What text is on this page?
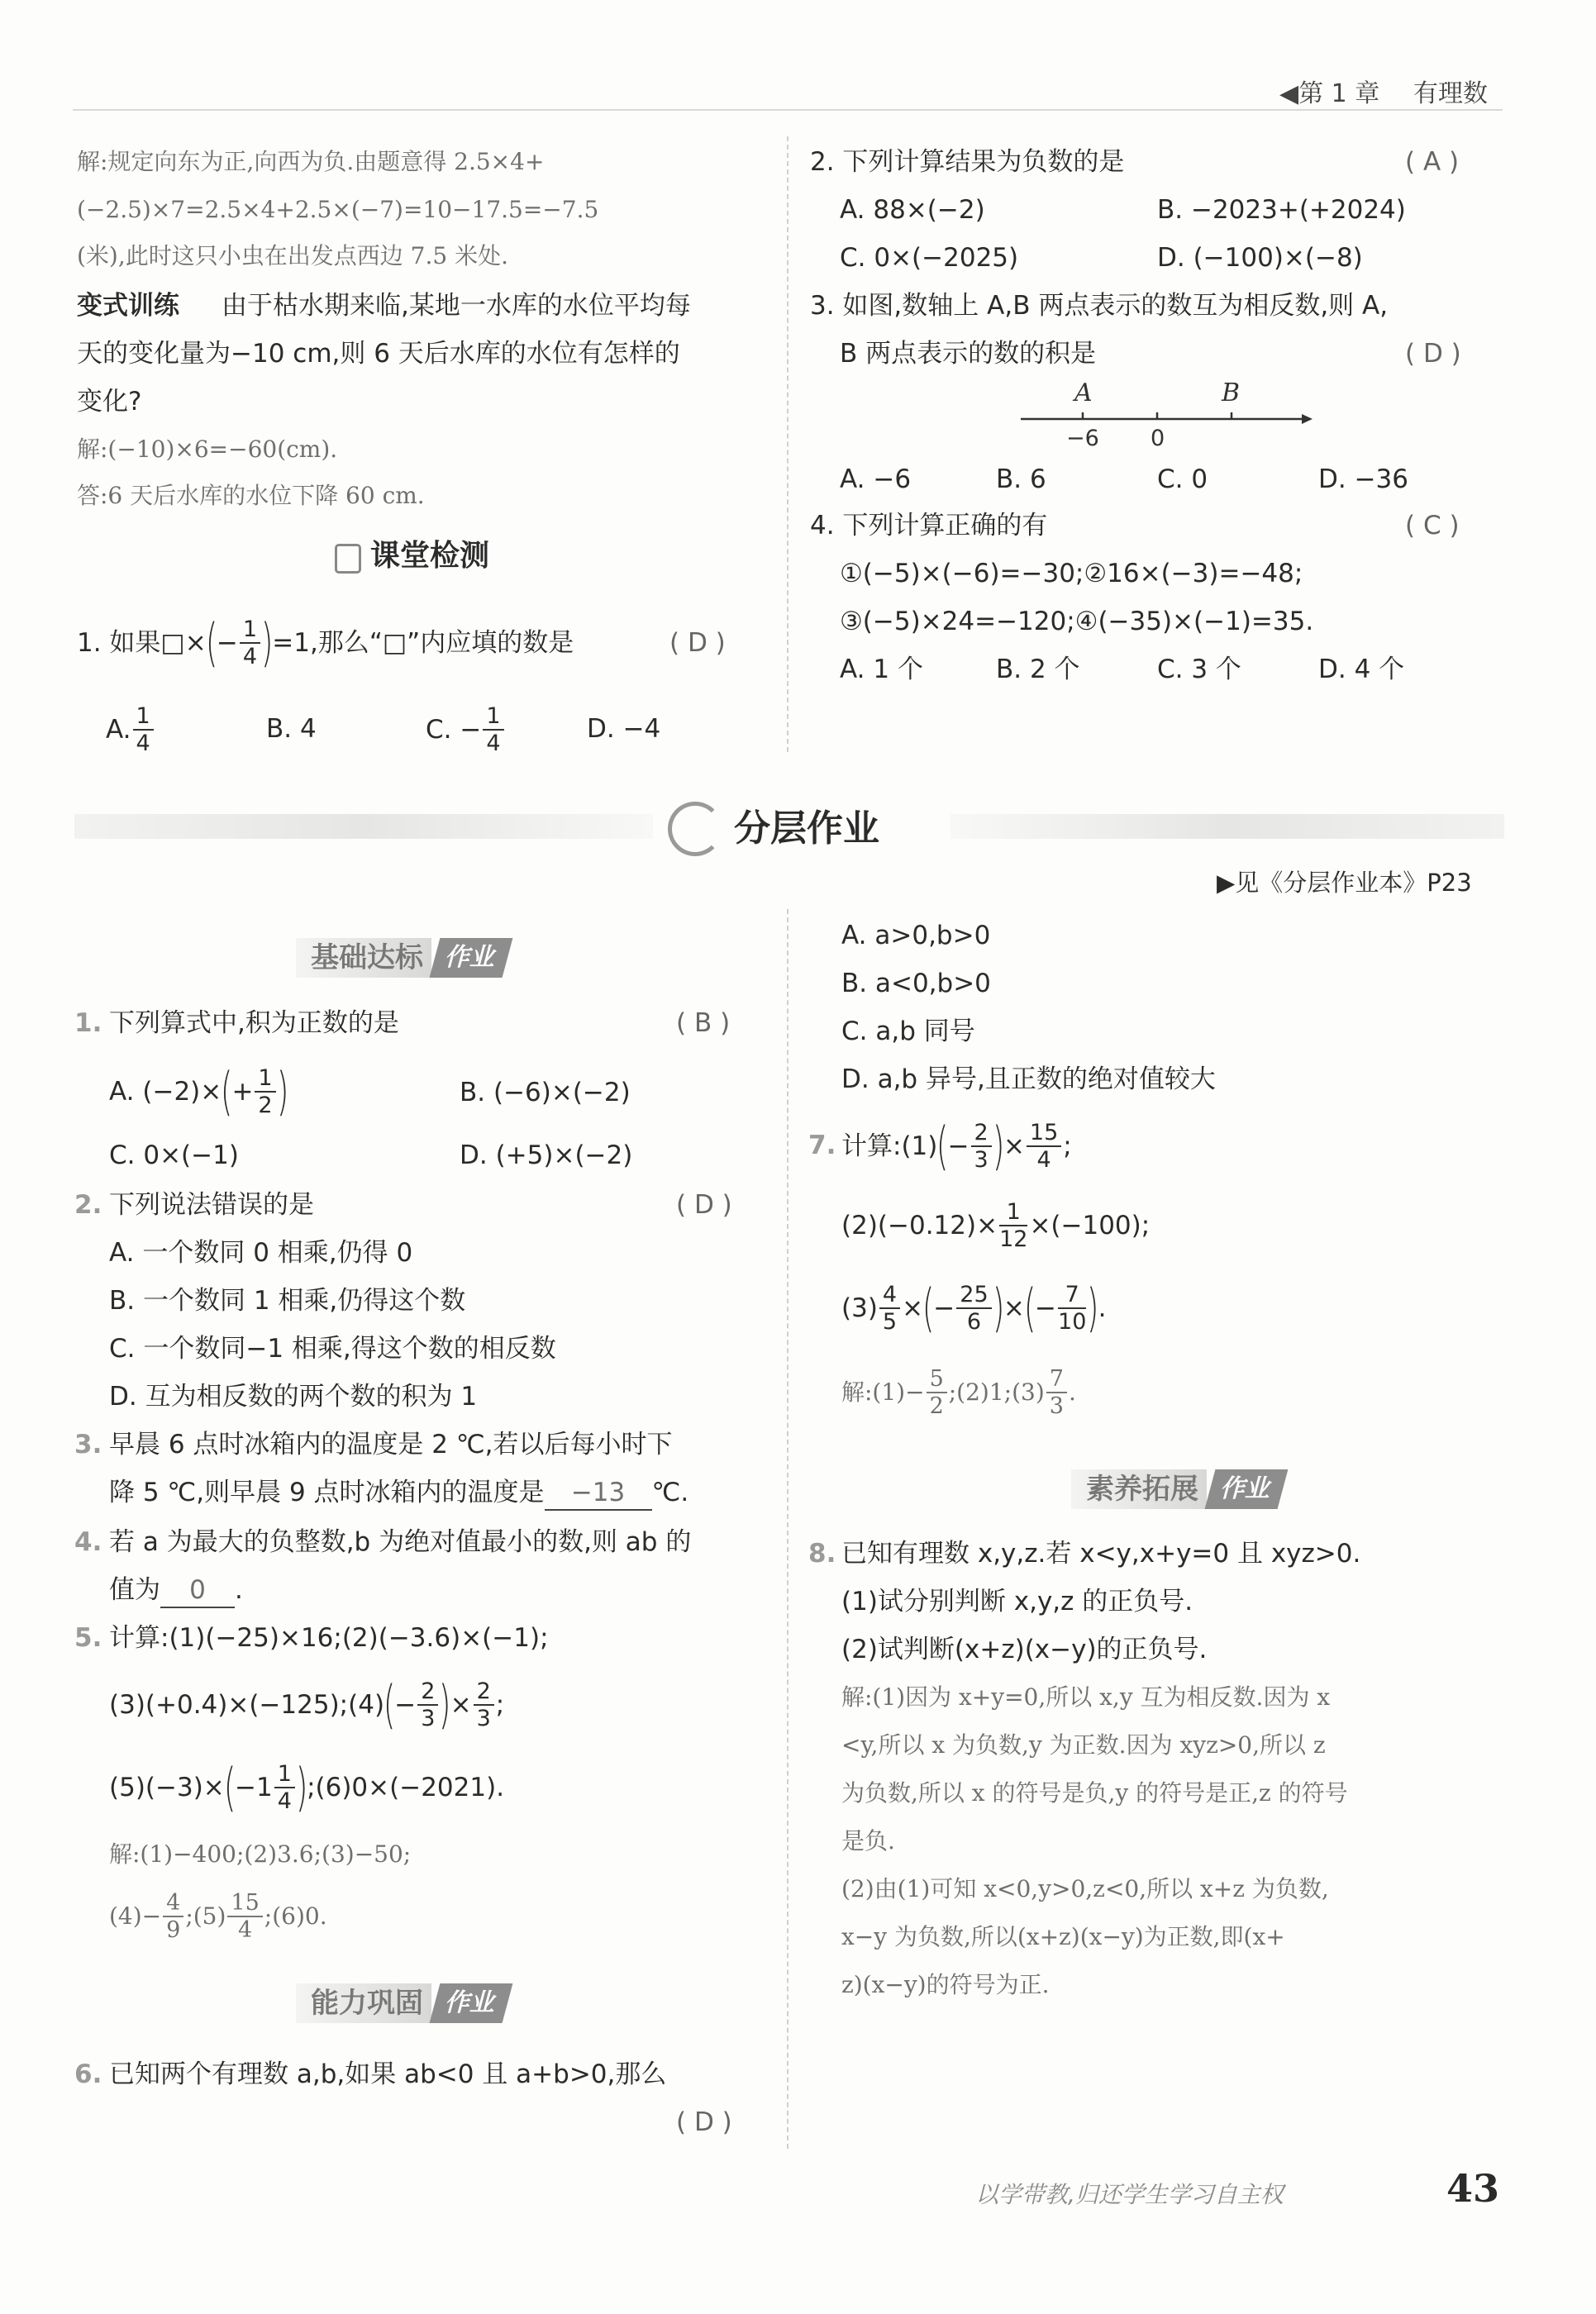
◀第 1 章 有理数
解:规定向东为正,向西为负.由题意得 2.5×4+
(−2.5)×7=2.5×4+2.5×(−7)=10−17.5=−7.5
(米),此时这只小虫在出发点西边 7.5 米处.
变式训练 由于枯水期来临,某地一水库的水位平均每
天的变化量为−10 cm,则 6 天后水库的水位有怎样的
变化?
解:(−10)×6=−60(cm).
答:6 天后水库的水位下降 60 cm.
课堂检测
1. 如果□×
(
− $\frac{1}{4}$ )
=1,那么“□”内应填的数是	( D )
A. $\frac{1}{4}$	B. 4	C. − $\frac{1}{4}$	D. −4
2. 下列计算结果为负数的是	( A )
A. 88×(−2)	B. −2023+(+2024)
C. 0×(−2025)	D. (−100)×(−8)
3. 如图,数轴上 A,B 两点表示的数互为相反数,则 A,
B 两点表示的数的积是	( D )
A	B
−6 0
A. −6	B. 6	C. 0	D. −36
4. 下列计算正确的有	( C )
①(−5)×(−6)=−30;②16×(−3)=−48;
③(−5)×24=−120;④(−35)×(−1)=35.
A. 1 个	B. 2 个	C. 3 个	D. 4 个
分层作业
▶见《分层作业本》P23
基础达标 作业
1. 下列算式中,积为正数的是	( B )
A. (−2)×
(
+ $\frac{1}{2}$ )	B. (−6)×(−2)
C. 0×(−1)	D. (+5)×(−2)
2. 下列说法错误的是	( D )
A. 一个数同 0 相乘,仍得 0
B. 一个数同 1 相乘,仍得这个数
C. 一个数同−1 相乘,得这个数的相反数
D. 互为相反数的两个数的积为 1
3. 早晨 6 点时冰箱内的温度是 2 ℃,若以后每小时下
降 5 ℃,则早晨 9 点时冰箱内的温度是 −13 ℃.
4. 若 a 为最大的负整数,b 为绝对值最小的数,则 ab 的
值为 0 .
5. 计算:(1)(−25)×16;(2)(−3.6)×(−1);
(3)(+0.4)×(−125);(4)
(
− $\frac{2}{3}$ )
× $\frac{2}{3}$ ;
(5)(−3)×
(
$-1 \frac{1}{4}$ )
;(6)0×(−2021).
解:(1)−400;(2)3.6;(3)−50;
$(4)- \frac{4}{9}$ ;(5) $\frac{15}{4}$ ;(6)0.
能力巩固 作业
6. 已知两个有理数 a,b,如果 ab<0 且 a+b>0,那么
( D )
A. a>0,b>0
B. a<0,b>0
C. a,b 同号
D. a,b 异号,且正数的绝对值较大
7. 计算:(1)
(
− $\frac{2}{3}$ )
× $\frac{15}{4}$ ;
$(2)(-0.12)\times \frac{1}{12} \times(-100)$;
$(3) \frac{4}{5}$ ×
(
− $\frac{25}{6}$ )
×
(
− $\frac{7}{10}$ )
.
解:(1)− $\frac{5}{2}$ ;(2)1;(3) $\frac{7}{3}$ .
素养拓展 作业
8. 已知有理数 x,y,z.若 x<y,x+y=0 且 xyz>0.
(1)试分别判断 x,y,z 的正负号.
(2)试判断(x+z)(x−y)的正负号.
解:(1)因为 x+y=0,所以 x,y 互为相反数.因为 x
<y,所以 x 为负数,y 为正数.因为 xyz>0,所以 z
为负数,所以 x 的符号是负,y 的符号是正,z 的符号
是负.
(2)由(1)可知 x<0,y>0,z<0,所以 x+z 为负数,
x−y 为负数,所以(x+z)(x−y)为正数,即(x+
z)(x−y)的符号为正.
以学带教,归还学生学习自主权	43
